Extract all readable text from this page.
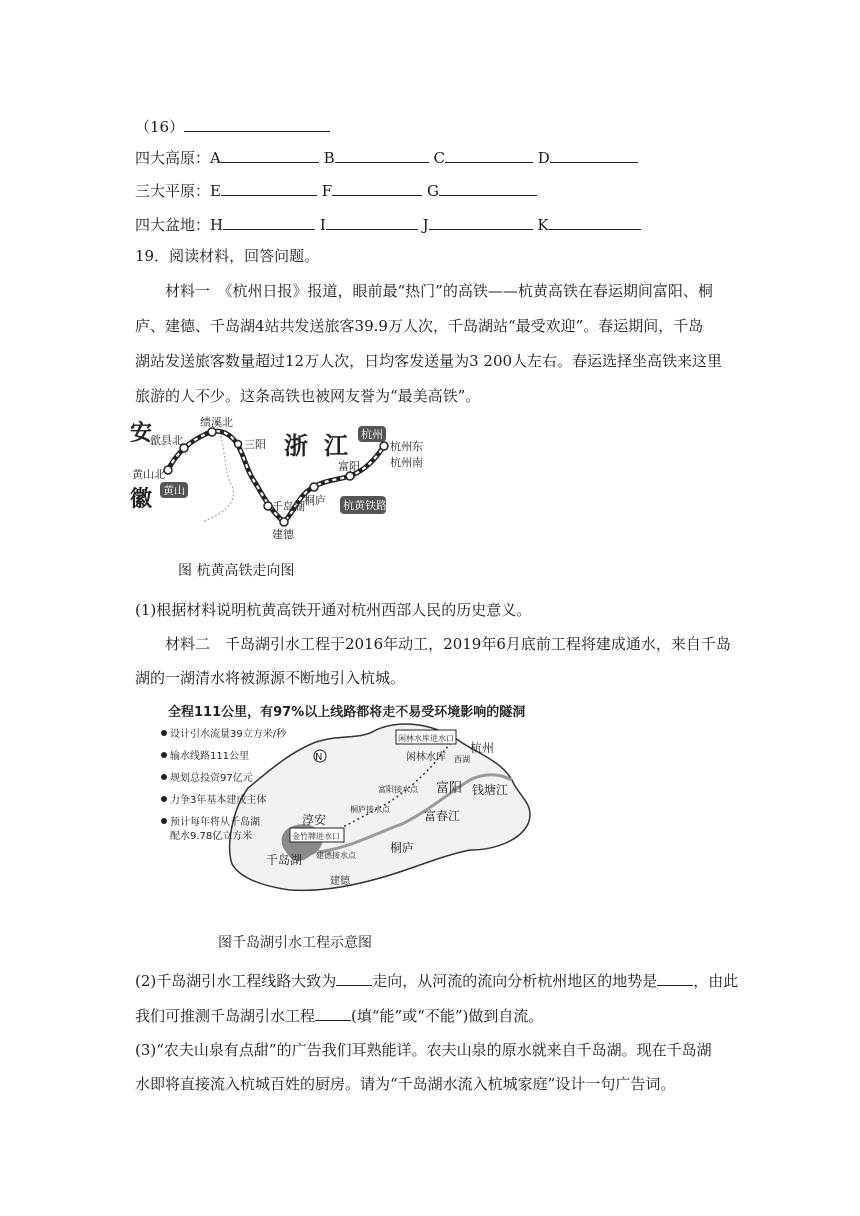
（16）
四大高原：A	B	C	D
三大平原：E	F	G
四大盆地：H	I	J	K
19．阅读材料，回答问题。
材料一　《杭州日报》报道，眼前最“热门”的高铁——杭黄高铁在春运期间富阳、桐
庐、建德、千岛湖4站共发送旅客39.9万人次，千岛湖站“最受欢迎”。春运期间，千岛
湖站发送旅客数量超过12万人次，日均客发送量为3 200人左右。春运选择坐高铁来这里
旅游的人不少。这条高铁也被网友誉为“最美高铁”。
安
徽
浙 江
黄山北
歙县北
绩溪北
三阳
千岛湖
建德
桐庐
富阳
杭州东
杭州南
黄山
杭州
杭黄铁路
图 杭黄高铁走向图
(1)根据材料说明杭黄高铁开通对杭州西部人民的历史意义。
材料二　千岛湖引水工程于2016年动工，2019年6月底前工程将建成通水，来自千岛
湖的一湖清水将被源源不断地引入杭城。
全程111公里，有97%以上线路都将走不易受环境影响的隧洞
N
设计引水流量39立方米/秒
输水线路111公里
规划总投资97亿元
力争3年基本建成主体
预计每年将从千岛湖
配水9.78亿立方米
闲林水库进水口
金竹牌进水口
闲林水库
杭州
西湖
富阳接水点 富阳 钱塘江
桐庐接水点	富春江
淳安
建德接水点
桐庐
千岛湖
建德
图千岛湖引水工程示意图
(2)千岛湖引水工程线路大致为 走向，从河流的流向分析杭州地区的地势是 ，由此
我们可推测千岛湖引水工程 (填“能”或“不能”)做到自流。
(3)“农夫山泉有点甜”的广告我们耳熟能详。农夫山泉的原水就来自千岛湖。现在千岛湖
水即将直接流入杭城百姓的厨房。请为“千岛湖水流入杭城家庭”设计一句广告词。
